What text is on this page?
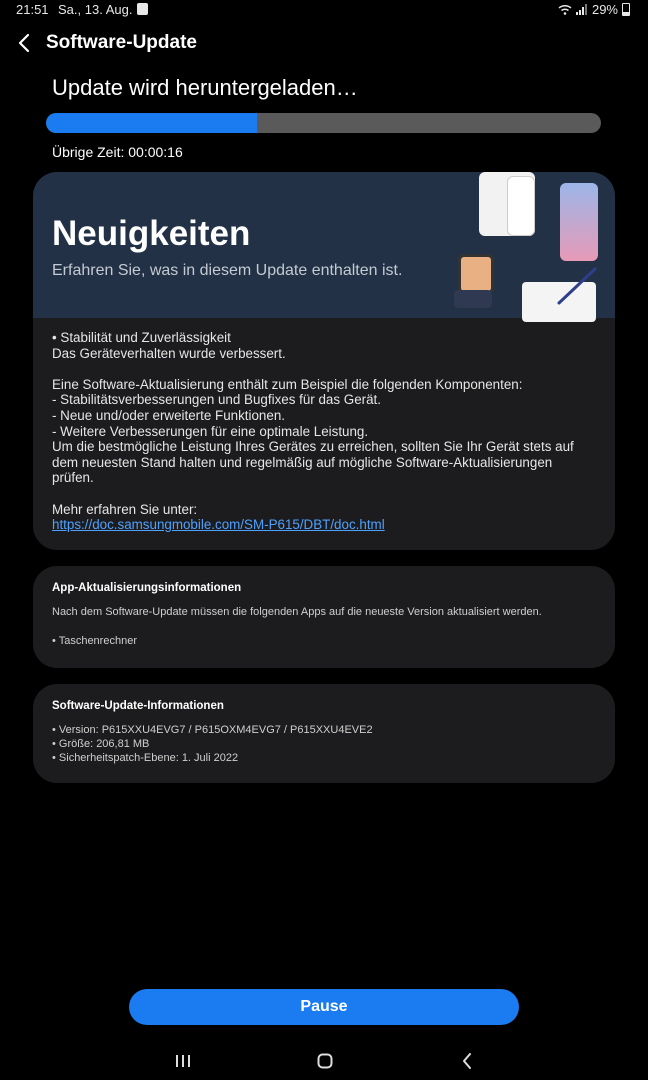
21:51 Sa., 13. Aug.	29%
Software-Update
Update wird heruntergeladen…
Übrige Zeit: 00:00:16
Neuigkeiten
Erfahren Sie, was in diesem Update enthalten ist.
• Stabilität und Zuverlässigkeit
Das Geräteverhalten wurde verbessert.

Eine Software-Aktualisierung enthält zum Beispiel die folgenden Komponenten:
- Stabilitätsverbesserungen und Bugfixes für das Gerät.
- Neue und/oder erweiterte Funktionen.
- Weitere Verbesserungen für eine optimale Leistung.
Um die bestmögliche Leistung Ihres Gerätes zu erreichen, sollten Sie Ihr Gerät stets auf dem neuesten Stand halten und regelmäßig auf mögliche Software-Aktualisierungen prüfen.

Mehr erfahren Sie unter:
https://doc.samsungmobile.com/SM-P615/DBT/doc.html
App-Aktualisierungsinformationen
Nach dem Software-Update müssen die folgenden Apps auf die neueste Version aktualisiert werden.
• Taschenrechner
Software-Update-Informationen
• Version: P615XXU4EVG7 / P615OXM4EVG7 / P615XXU4EVE2
• Größe: 206,81 MB
• Sicherheitspatch-Ebene: 1. Juli 2022
Pause
